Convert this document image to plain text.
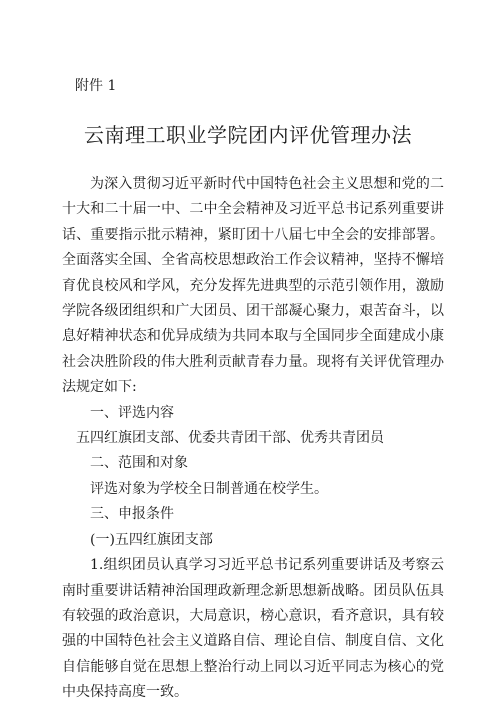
附件 1
云南理工职业学院团内评优管理办法

为深入贯彻习近平新时代中国特色社会主义思想和党的二十大和二十届一中、二中全会精神及习近平总书记系列重要讲话、重要指示批示精神，紧盯团十八届七中全会的安排部署。全面落实全国、全省高校思想政治工作会议精神，坚持不懈培育优良校风和学风，充分发挥先进典型的示范引领作用，激励学院各级团组织和广大团员、团干部凝心聚力，艰苦奋斗，以息好精神状态和优异成绩为共同本取与全国同步全面建成小康社会决胜阶段的伟大胜利贡献青春力量。现将有关评优管理办法规定如下:

一、评选内容

五四红旗团支部、优委共青团干部、优秀共青团员

二、范围和对象

评选对象为学校全日制普通在校学生。

三、申报条件

(一)五四红旗团支部

1.组织团员认真学习习近平总书记系列重要讲话及考察云南时重要讲话精神治国理政新理念新思想新战略。团员队伍具有较强的政治意识，大局意识，榜心意识，看齐意识，具有较强的中国特色社会主义道路自信、理论自信、制度自信、文化自信能够自觉在思想上整治行动上同以习近平同志为核心的党中央保持高度一致。
